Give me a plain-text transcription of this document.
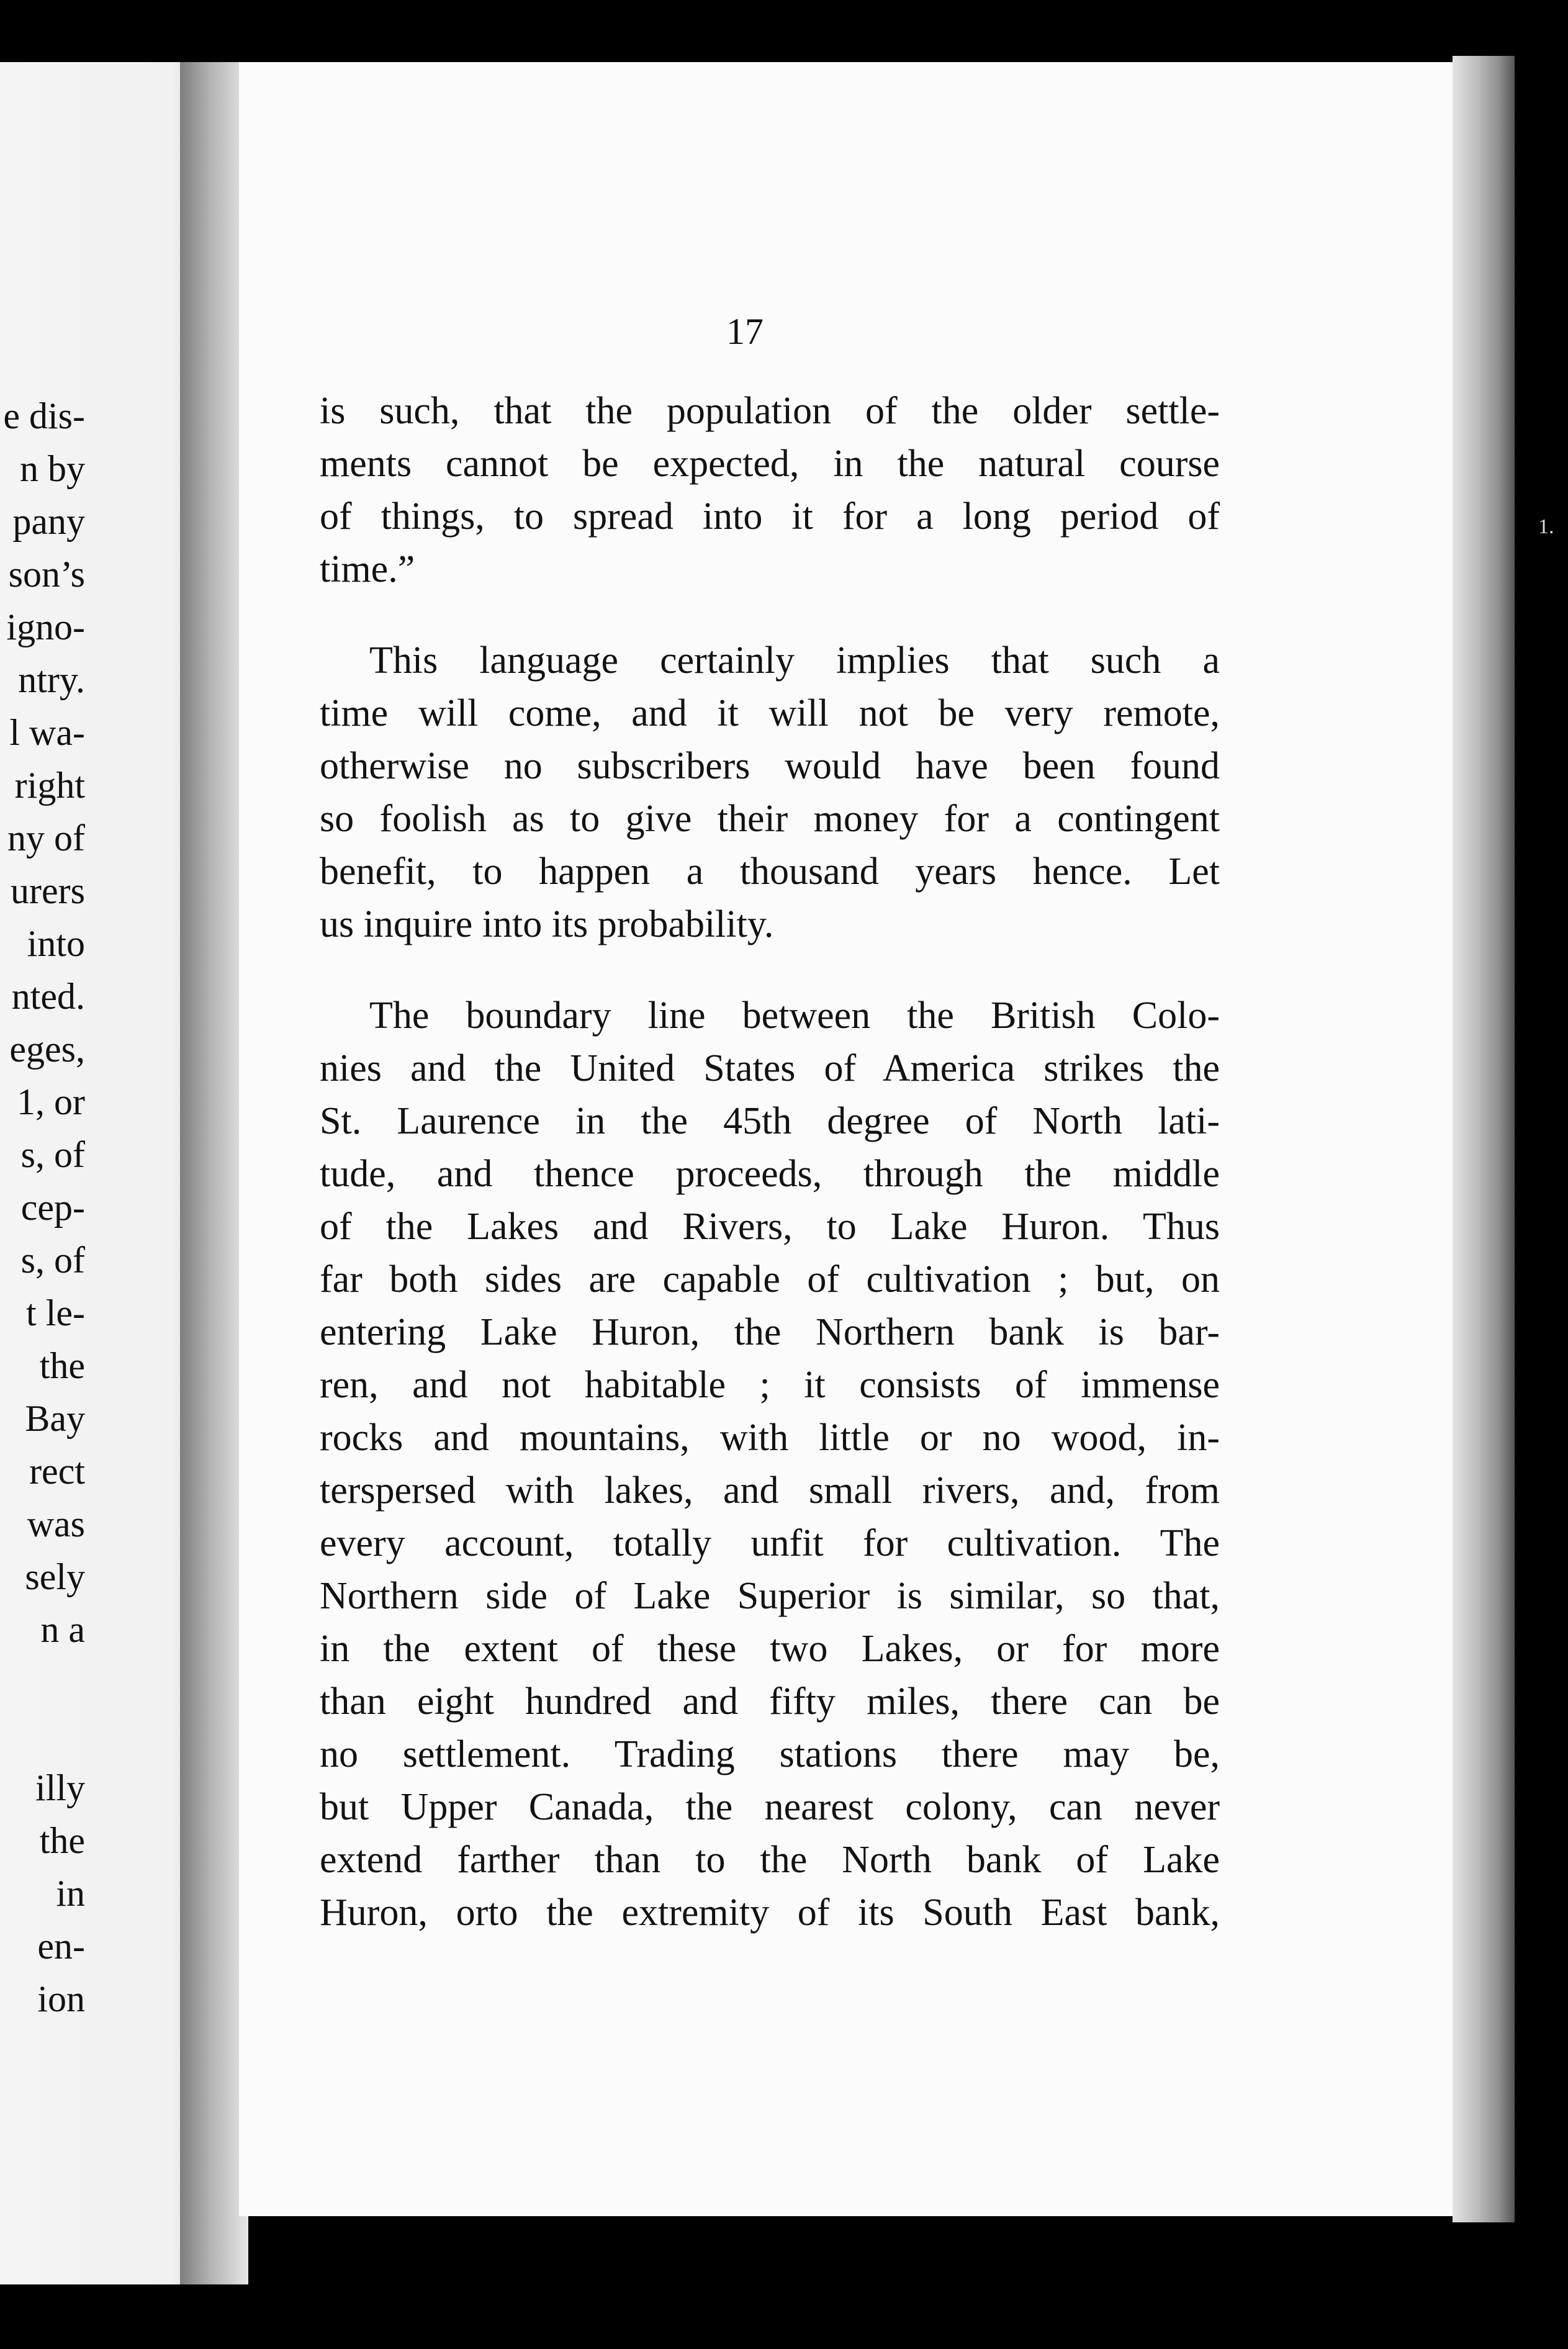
e dis-
n by
pany
son’s
igno-
ntry.
l wa-
right
ny of
urers
into
nted.
eges,
1, or
s, of
cep-
s, of
t le-
the
Bay
rect
was
sely
n a
illy
the
in
en-
ion
1.
17
is such, that the population of the older settle-
ments cannot be expected, in the natural course
of things, to spread into it for a long period of
time.”
This language certainly implies that such a
time will come, and it will not be very remote,
otherwise no subscribers would have been found
so foolish as to give their money for a contingent
benefit, to happen a thousand years hence. Let
us inquire into its probability.
The boundary line between the British Colo-
nies and the United States of America strikes the
St. Laurence in the 45th degree of North lati-
tude, and thence proceeds, through the middle
of the Lakes and Rivers, to Lake Huron. Thus
far both sides are capable of cultivation ; but, on
entering Lake Huron, the Northern bank is bar-
ren, and not habitable ; it consists of immense
rocks and mountains, with little or no wood, in-
terspersed with lakes, and small rivers, and, from
every account, totally unfit for cultivation. The
Northern side of Lake Superior is similar, so that,
in the extent of these two Lakes, or for more
than eight hundred and fifty miles, there can be
no settlement. Trading stations there may be,
but Upper Canada, the nearest colony, can never
extend farther than to the North bank of Lake
Huron, orto the extremity of its South East bank,
